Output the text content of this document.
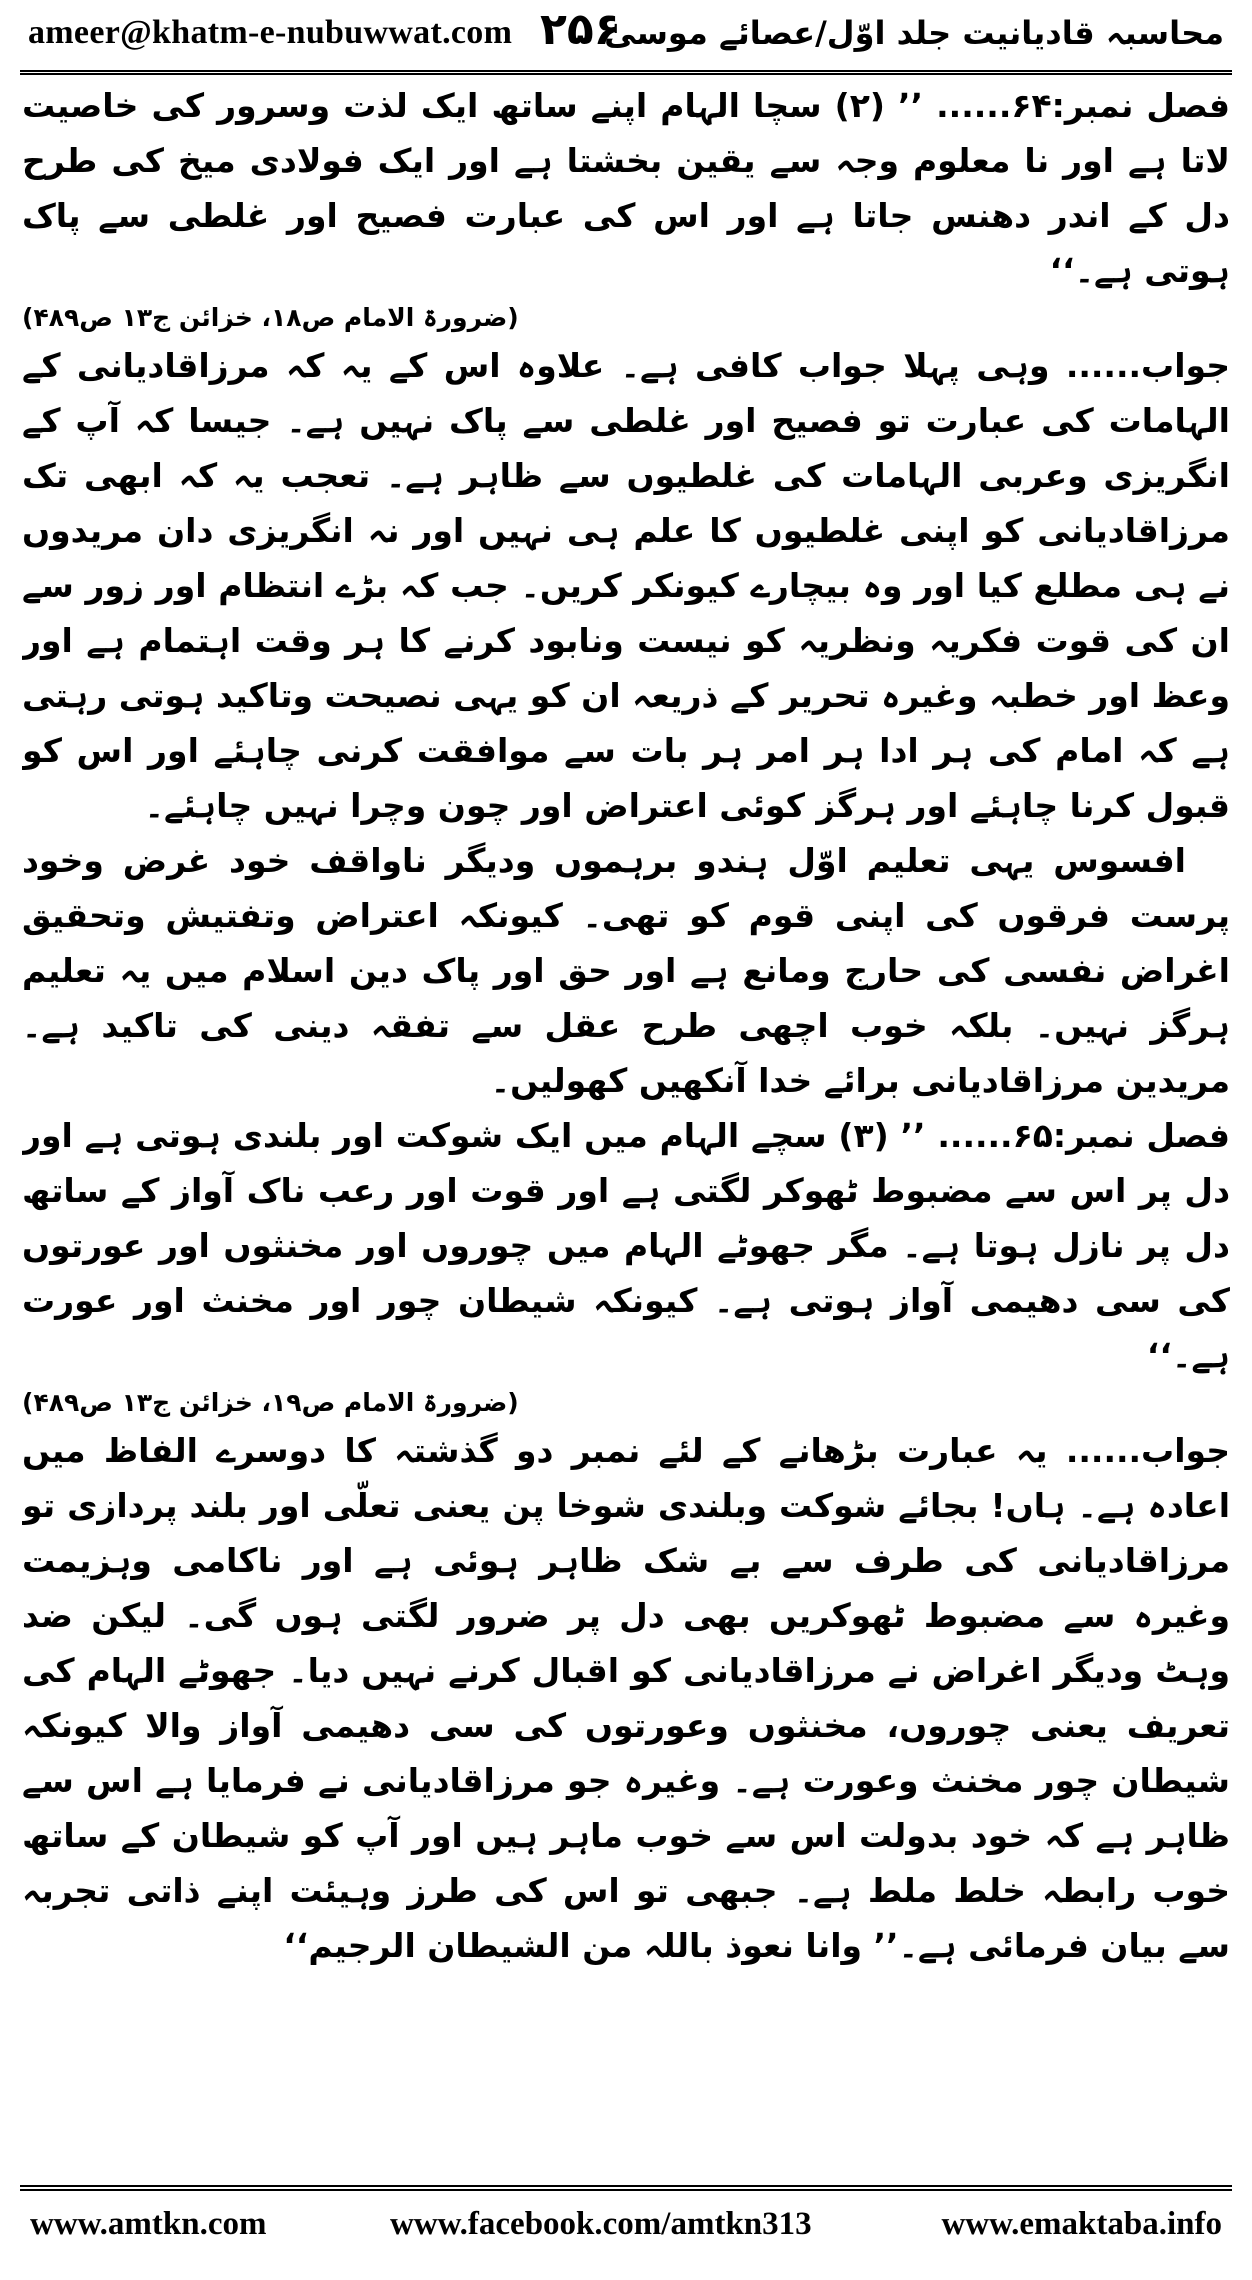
ameer@khatm-e-nubuwwat.com ۲۵۶
محاسبہ قادیانیت جلد اوّل/عصائے موسیٰ

فصل نمبر:۶۴...... ’’ (۲) سچا الہام اپنے ساتھ ایک لذت وسرور کی خاصیت لاتا ہے اور نا معلوم وجہ سے یقین بخشتا ہے اور ایک فولادی میخ کی طرح دل کے اندر دھنس جاتا ہے اور اس کی عبارت فصیح اور غلطی سے پاک ہوتی ہے۔‘‘

(ضرورۃ الامام ص۱۸، خزائن ج۱۳ ص۴۸۹)

جواب...... وہی پہلا جواب کافی ہے۔ علاوہ اس کے یہ کہ مرزاقادیانی کے الہامات کی عبارت تو فصیح اور غلطی سے پاک نہیں ہے۔ جیسا کہ آپ کے انگریزی وعربی الہامات کی غلطیوں سے ظاہر ہے۔ تعجب یہ کہ ابھی تک مرزاقادیانی کو اپنی غلطیوں کا علم ہی نہیں اور نہ انگریزی دان مریدوں نے ہی مطلع کیا اور وہ بیچارے کیونکر کریں۔ جب کہ بڑے انتظام اور زور سے ان کی قوت فکریہ ونظریہ کو نیست ونابود کرنے کا ہر وقت اہتمام ہے اور وعظ اور خطبہ وغیرہ تحریر کے ذریعہ ان کو یہی نصیحت وتاکید ہوتی رہتی ہے کہ امام کی ہر ادا ہر امر ہر بات سے موافقت کرنی چاہئے اور اس کو قبول کرنا چاہئے اور ہرگز کوئی اعتراض اور چون وچرا نہیں چاہئے۔

افسوس یہی تعلیم اوّل ہندو برہموں ودیگر ناواقف خود غرض وخود پرست فرقوں کی اپنی قوم کو تھی۔ کیونکہ اعتراض وتفتیش وتحقیق اغراض نفسی کی حارج ومانع ہے اور حق اور پاک دین اسلام میں یہ تعلیم ہرگز نہیں۔ بلکہ خوب اچھی طرح عقل سے تفقہ دینی کی تاکید ہے۔ مریدین مرزاقادیانی برائے خدا آنکھیں کھولیں۔

فصل نمبر:۶۵...... ’’ (۳) سچے الہام میں ایک شوکت اور بلندی ہوتی ہے اور دل پر اس سے مضبوط ٹھوکر لگتی ہے اور قوت اور رعب ناک آواز کے ساتھ دل پر نازل ہوتا ہے۔ مگر جھوٹے الہام میں چوروں اور مخنثوں اور عورتوں کی سی دھیمی آواز ہوتی ہے۔ کیونکہ شیطان چور اور مخنث اور عورت ہے۔‘‘

(ضرورۃ الامام ص۱۹، خزائن ج۱۳ ص۴۸۹)

جواب...... یہ عبارت بڑھانے کے لئے نمبر دو گذشتہ کا دوسرے الفاظ میں اعادہ ہے۔ ہاں! بجائے شوکت وبلندی شوخا پن یعنی تعلّی اور بلند پردازی تو مرزاقادیانی کی طرف سے بے شک ظاہر ہوئی ہے اور ناکامی وہزیمت وغیرہ سے مضبوط ٹھوکریں بھی دل پر ضرور لگتی ہوں گی۔ لیکن ضد وہٹ ودیگر اغراض نے مرزاقادیانی کو اقبال کرنے نہیں دیا۔ جھوٹے الہام کی تعریف یعنی چوروں، مخنثوں وعورتوں کی سی دھیمی آواز والا کیونکہ شیطان چور مخنث وعورت ہے۔ وغیرہ جو مرزاقادیانی نے فرمایا ہے اس سے ظاہر ہے کہ خود بدولت اس سے خوب ماہر ہیں اور آپ کو شیطان کے ساتھ خوب رابطہ خلط ملط ہے۔ جبھی تو اس کی طرز وہیئت اپنے ذاتی تجربہ سے بیان فرمائی ہے۔’’ وانا نعوذ باللہ من الشیطان الرجیم‘‘

www.amtkn.com	www.facebook.com/amtkn313	www.emaktaba.info
